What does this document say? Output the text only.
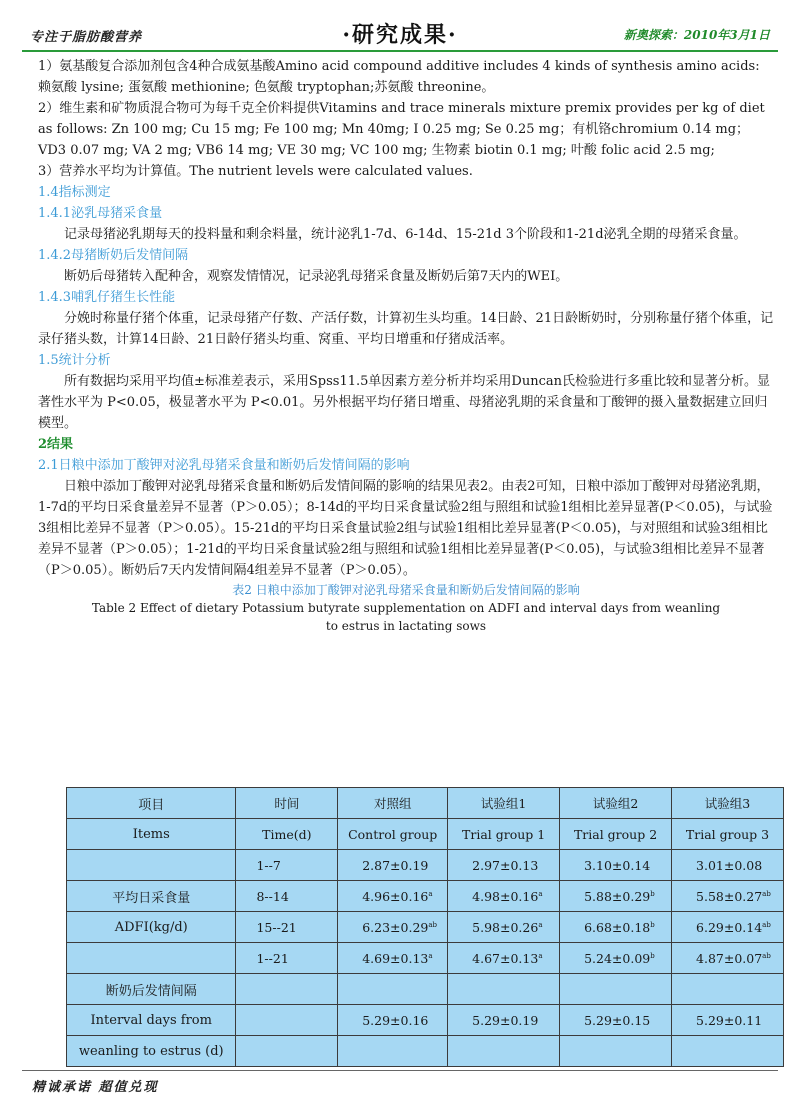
专注于脂肪酸营养	·研究成果·	新奥探索：2010年3月1日

1）氨基酸复合添加剂包含4种合成氨基酸Amino acid compound additive includes 4 kinds of synthesis amino acids: 赖氨酸 lysine; 蛋氨酸 methionine; 色氨酸 tryptophan;苏氨酸 threonine。

2）维生素和矿物质混合物可为每千克全价料提供Vitamins and trace minerals mixture premix provides per kg of diet as follows: Zn 100 mg; Cu 15 mg; Fe 100 mg; Mn 40mg; I 0.25 mg; Se 0.25 mg；有机铬chromium 0.14 mg；VD3 0.07 mg; VA 2 mg; VB6 14 mg; VE 30 mg; VC 100 mg; 生物素 biotin 0.1 mg; 叶酸 folic acid 2.5 mg;

3）营养水平均为计算值。The nutrient levels were calculated values.

1.4指标测定

1.4.1泌乳母猪采食量

记录母猪泌乳期每天的投料量和剩余料量，统计泌乳1-7d、6-14d、15-21d 3个阶段和1-21d泌乳全期的母猪采食量。

1.4.2母猪断奶后发情间隔

断奶后母猪转入配种舍，观察发情情况，记录泌乳母猪采食量及断奶后第7天内的WEI。

1.4.3哺乳仔猪生长性能

分娩时称量仔猪个体重，记录母猪产仔数、产活仔数，计算初生头均重。14日龄、21日龄断奶时，分别称量仔猪个体重，记录仔猪头数，计算14日龄、21日龄仔猪头均重、窝重、平均日增重和仔猪成活率。

1.5统计分析

所有数据均采用平均值±标准差表示，采用Spss11.5单因素方差分析并均采用Duncan氏检验进行多重比较和显著分析。显著性水平为 P<0.05，极显著水平为 P<0.01。另外根据平均仔猪日增重、母猪泌乳期的采食量和丁酸钾的摄入量数据建立回归模型。

2结果

2.1日粮中添加丁酸钾对泌乳母猪采食量和断奶后发情间隔的影响

日粮中添加丁酸钾对泌乳母猪采食量和断奶后发情间隔的影响的结果见表2。由表2可知，日粮中添加丁酸钾对母猪泌乳期，1-7d的平均日采食量差异不显著（P＞0.05）；8-14d的平均日采食量试验2组与照组和试验1组相比差异显著(P＜0.05)，与试验3组相比差异不显著（P＞0.05）。15-21d的平均日采食量试验2组与试验1组相比差异显著(P＜0.05)，与对照组和试验3组相比差异不显著（P＞0.05）；1-21d的平均日采食量试验2组与照组和试验1组相比差异显著(P＜0.05)，与试验3组相比差异不显著（P＞0.05）。断奶后7天内发情间隔4组差异不显著（P＞0.05）。

表2 日粮中添加丁酸钾对泌乳母猪采食量和断奶后发情间隔的影响

Table 2 Effect of dietary Potassium butyrate supplementation on ADFI and interval days from weanling

to estrus in lactating sows

项目	时间	对照组	试验组1	试验组2	试验组3
Items	Time(d)	Control group	Trial group 1	Trial group 2	Trial group 3
	1--7	2.87±0.19	2.97±0.13	3.10±0.14	3.01±0.08
平均日采食量	8--14	4.96±0.16$^a$	4.98±0.16$^a$	5.88±0.29$^b$	5.58±0.27$^{ab}$
ADFI(kg/d)	15--21	6.23±0.29$^{ab}$	5.98±0.26$^a$	6.68±0.18$^b$	6.29±0.14$^{ab}$
	1--21	4.69±0.13$^a$	4.67±0.13$^a$	5.24±0.09$^b$	4.87±0.07$^{ab}$
断奶后发情间隔					
Interval days from		5.29±0.16	5.29±0.19	5.29±0.15	5.29±0.11
weanling to estrus (d)					
精诚承诺 超值兑现
